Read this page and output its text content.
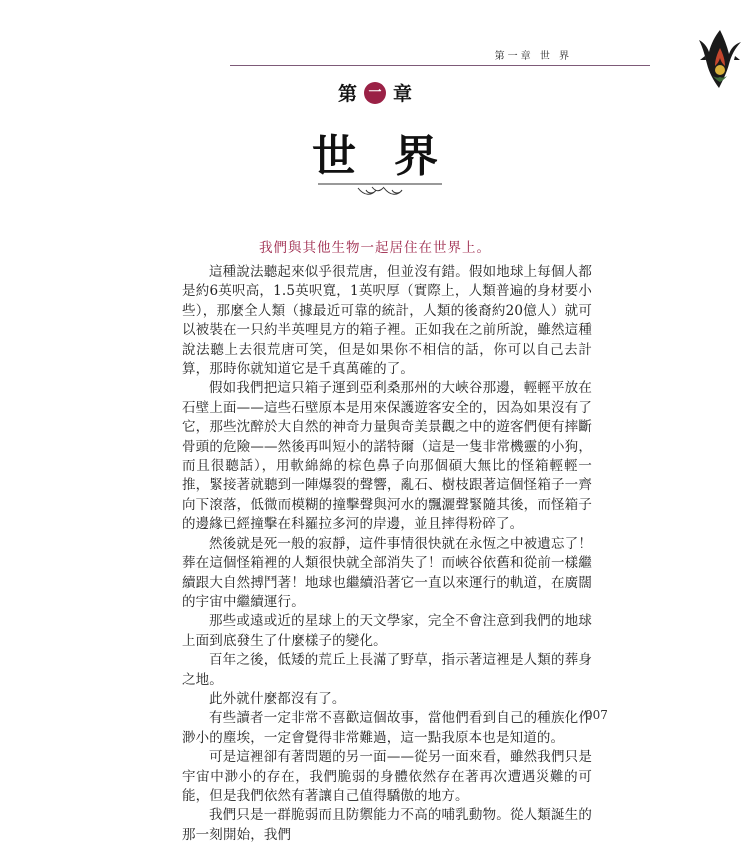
第一章 世 界
第 一 章
世界
我們與其他生物一起居住在世界上。

這種說法聽起來似乎很荒唐，但並沒有錯。假如地球上每個人都是約6英呎高，1.5英呎寬，1英呎厚（實際上，人類普遍的身材要小些），那麼全人類（據最近可靠的統計，人類的後裔約20億人）就可以被裝在一只約半英哩見方的箱子裡。正如我在之前所說，雖然這種說法聽上去很荒唐可笑，但是如果你不相信的話，你可以自己去計算，那時你就知道它是千真萬確的了。

假如我們把這只箱子運到亞利桑那州的大峽谷那邊，輕輕平放在石壁上面——這些石壁原本是用來保護遊客安全的，因為如果沒有了它，那些沈醉於大自然的神奇力量與奇美景觀之中的遊客們便有摔斷骨頭的危險——然後再叫短小的諾特爾（這是一隻非常機靈的小狗，而且很聽話），用軟綿綿的棕色鼻子向那個碩大無比的怪箱輕輕一推，緊接著就聽到一陣爆裂的聲響，亂石、樹枝跟著這個怪箱子一齊向下滾落，低微而模糊的撞擊聲與河水的飄灑聲緊隨其後，而怪箱子的邊緣已經撞擊在科羅拉多河的岸邊，並且摔得粉碎了。

然後就是死一般的寂靜，這件事情很快就在永恆之中被遺忘了！葬在這個怪箱裡的人類很快就全部消失了！而峽谷依舊和從前一樣繼續跟大自然搏鬥著！地球也繼續沿著它一直以來運行的軌道，在廣闊的宇宙中繼續運行。

那些或遠或近的星球上的天文學家，完全不會注意到我們的地球上面到底發生了什麼樣子的變化。

百年之後，低矮的荒丘上長滿了野草，指示著這裡是人類的葬身之地。

此外就什麼都沒有了。

有些讀者一定非常不喜歡這個故事，當他們看到自己的種族化作渺小的塵埃，一定會覺得非常難過，這一點我原本也是知道的。

可是這裡卻有著問題的另一面——從另一面來看，雖然我們只是宇宙中渺小的存在，我們脆弱的身體依然存在著再次遭遇災難的可能，但是我們依然有著讓自己值得驕傲的地方。

我們只是一群脆弱而且防禦能力不高的哺乳動物。從人類誕生的那一刻開始，我們

007
